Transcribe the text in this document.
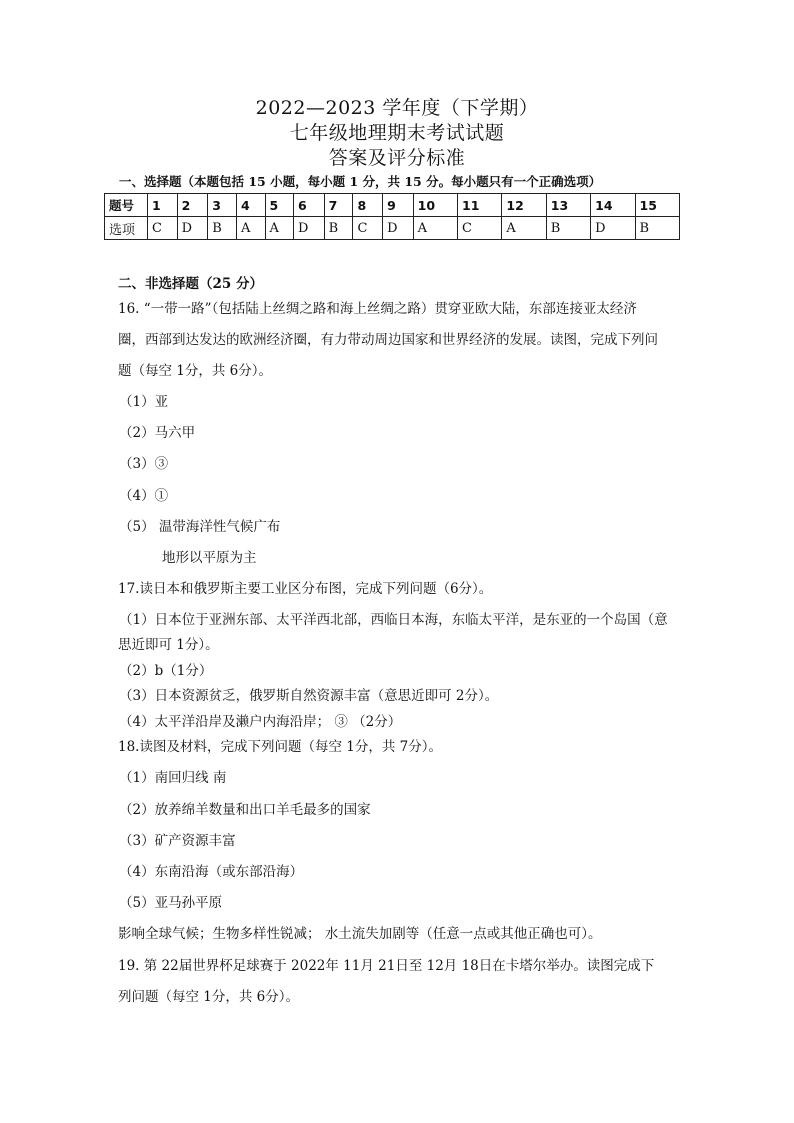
2022—2023 学年度（下学期）
七年级地理期末考试试题
答案及评分标准
一、选择题（本题包括 15 小题，每小题 1 分，共 15 分。每小题只有一个正确选项）
题号	1	2	3	4	5	6	7	8	9	10	11	12	13	14	15
选项	C	D	B	A	A	D	B	C	D	A	C	A	B	D	B
二、非选择题（25 分）
16. “一带一路”（包括陆上丝绸之路和海上丝绸之路）贯穿亚欧大陆，东部连接亚太经济
圈，西部到达发达的欧洲经济圈，有力带动周边国家和世界经济的发展。读图，完成下列问
题（每空 1分，共 6分）。
（1）亚
（2）马六甲
（3）③
（4）①
（5） 温带海洋性气候广布
地形以平原为主
17.读日本和俄罗斯主要工业区分布图，完成下列问题（6分）。
（1）日本位于亚洲东部、太平洋西北部，西临日本海，东临太平洋，是东亚的一个岛国（意
思近即可 1分）。
（2）b（1分）
（3）日本资源贫乏，俄罗斯自然资源丰富（意思近即可 2分）。
（4）太平洋沿岸及濑户内海沿岸； ③ （2分）
18.读图及材料，完成下列问题（每空 1分，共 7分）。
（1）南回归线 南
（2）放养绵羊数量和出口羊毛最多的国家
（3）矿产资源丰富
（4）东南沿海（或东部沿海）
（5）亚马孙平原
影响全球气候；生物多样性锐减； 水土流失加剧等（任意一点或其他正确也可）。
19. 第 22届世界杯足球赛于 2022年 11月 21日至 12月 18日在卡塔尔举办。读图完成下
列问题（每空 1分，共 6分）。
